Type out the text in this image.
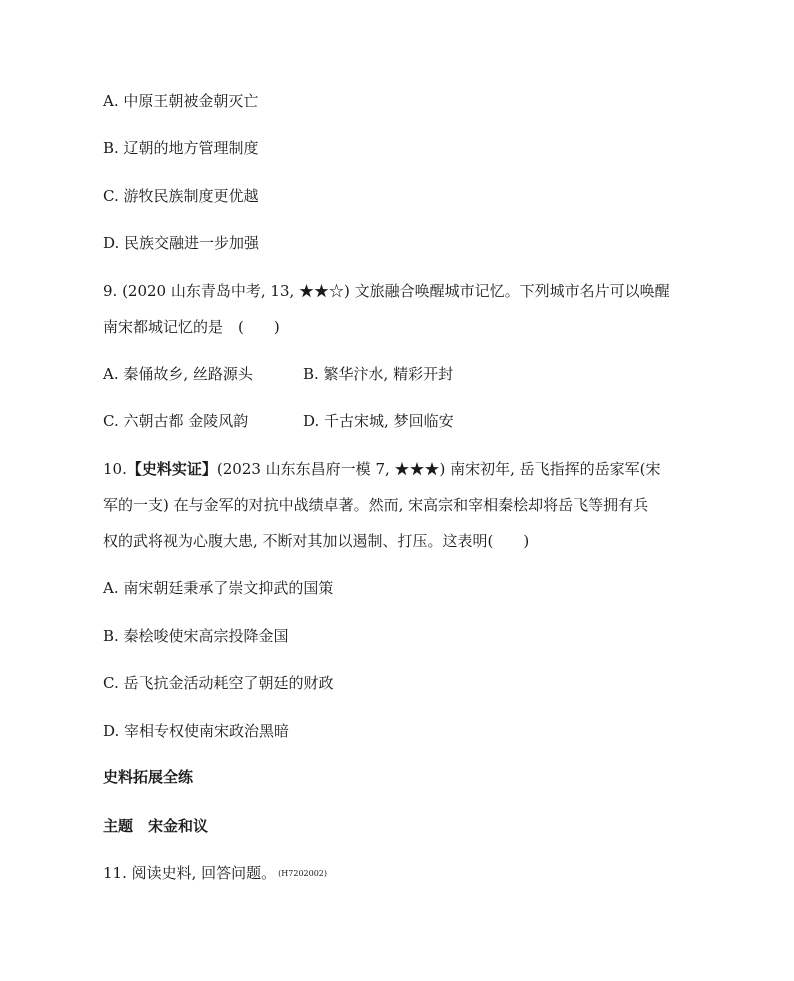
A. 中原王朝被金朝灭亡
B. 辽朝的地方管理制度
C. 游牧民族制度更优越
D. 民族交融进一步加强
9. (2020 山东青岛中考, 13, ★★☆) 文旅融合唤醒城市记忆。下列城市名片可以唤醒
南宋都城记忆的是　(　　)
A. 秦俑故乡, 丝路源头	B. 繁华汴水, 精彩开封
C. 六朝古都 金陵风韵	D. 千古宋城, 梦回临安
10.【史料实证】(2023 山东东昌府一模 7, ★★★) 南宋初年, 岳飞指挥的岳家军(宋
军的一支) 在与金军的对抗中战绩卓著。然而, 宋高宗和宰相秦桧却将岳飞等拥有兵
权的武将视为心腹大患, 不断对其加以遏制、打压。这表明(　　)
A. 南宋朝廷秉承了崇文抑武的国策
B. 秦桧唆使宋高宗投降金国
C. 岳飞抗金活动耗空了朝廷的财政
D. 宰相专权使南宋政治黑暗
史料拓展全练
主题　宋金和议
11. 阅读史料, 回答问题。 (H7202002)
